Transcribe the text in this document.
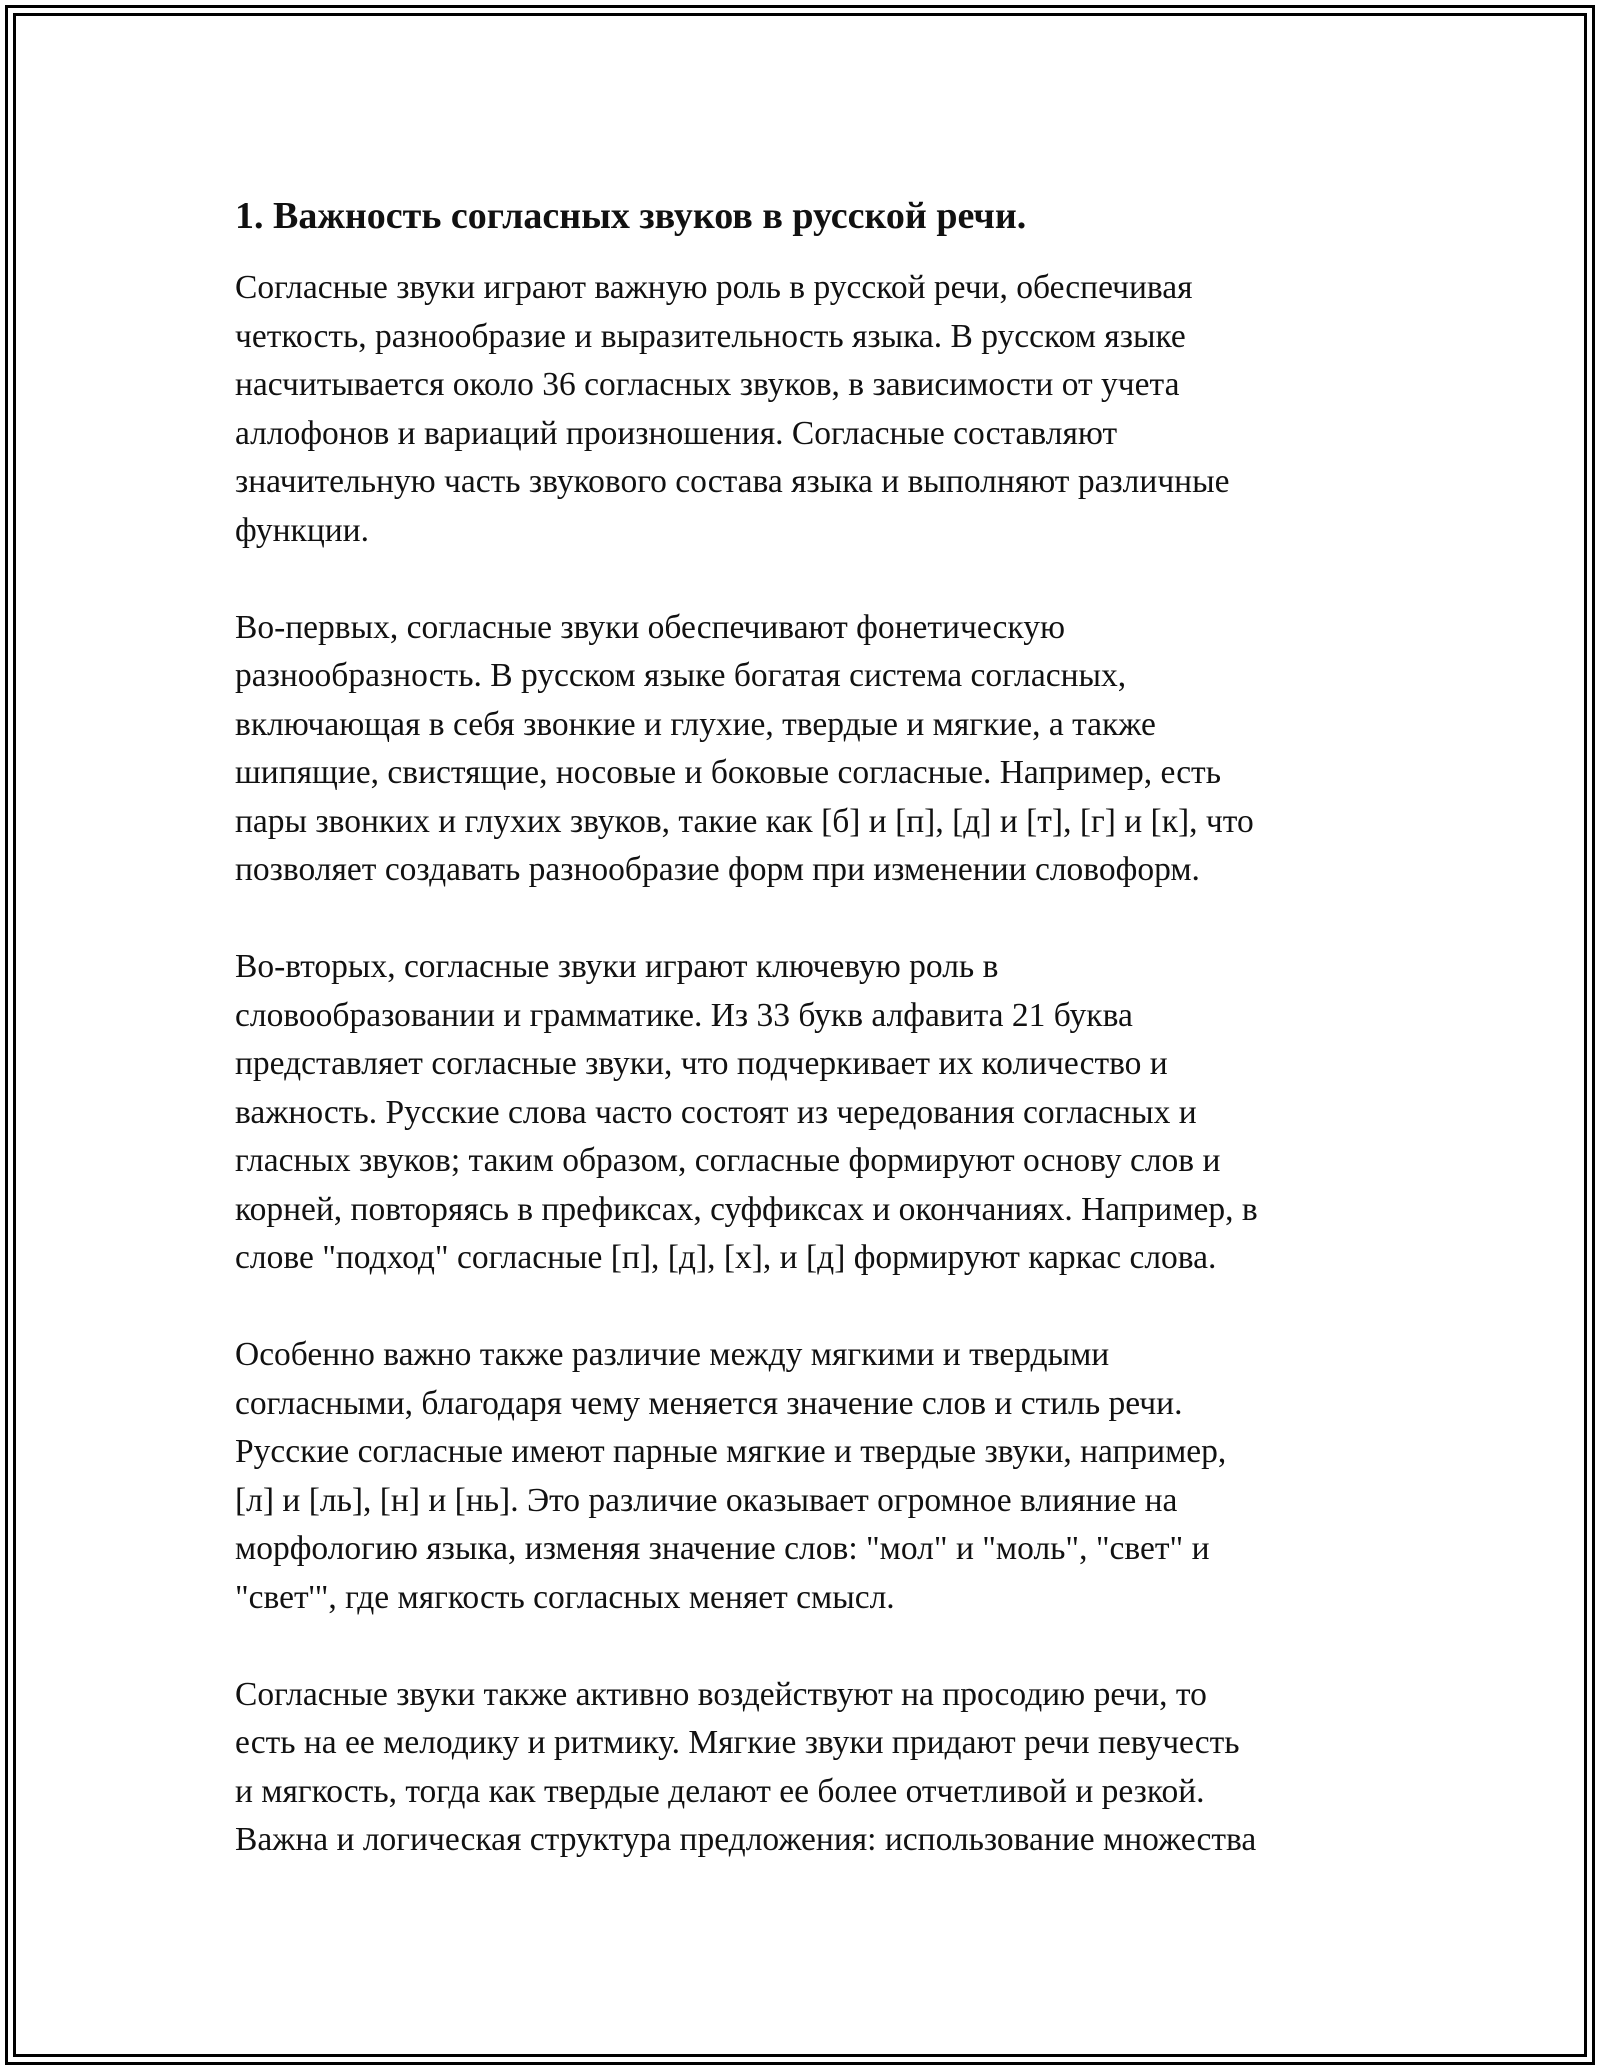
1. Важность согласных звуков в русской речи.

Согласные звуки играют важную роль в русской речи, обеспечивая
четкость, разнообразие и выразительность языка. В русском языке
насчитывается около 36 согласных звуков, в зависимости от учета
аллофонов и вариаций произношения. Согласные составляют
значительную часть звукового состава языка и выполняют различные
функции.

Во-первых, согласные звуки обеспечивают фонетическую
разнообразность. В русском языке богатая система согласных,
включающая в себя звонкие и глухие, твердые и мягкие, а также
шипящие, свистящие, носовые и боковые согласные. Например, есть
пары звонких и глухих звуков, такие как [б] и [п], [д] и [т], [г] и [к], что
позволяет создавать разнообразие форм при изменении словоформ.

Во-вторых, согласные звуки играют ключевую роль в
словообразовании и грамматике. Из 33 букв алфавита 21 буква
представляет согласные звуки, что подчеркивает их количество и
важность. Русские слова часто состоят из чередования согласных и
гласных звуков; таким образом, согласные формируют основу слов и
корней, повторяясь в префиксах, суффиксах и окончаниях. Например, в
слове "подход" согласные [п], [д], [х], и [д] формируют каркас слова.

Особенно важно также различие между мягкими и твердыми
согласными, благодаря чему меняется значение слов и стиль речи.
Русские согласные имеют парные мягкие и твердые звуки, например,
[л] и [ль], [н] и [нь]. Это различие оказывает огромное влияние на
морфологию языка, изменяя значение слов: "мол" и "моль", "свет" и
"свет'", где мягкость согласных меняет смысл.

Согласные звуки также активно воздействуют на просодию речи, то
есть на ее мелодику и ритмику. Мягкие звуки придают речи певучесть
и мягкость, тогда как твердые делают ее более отчетливой и резкой.
Важна и логическая структура предложения: использование множества
